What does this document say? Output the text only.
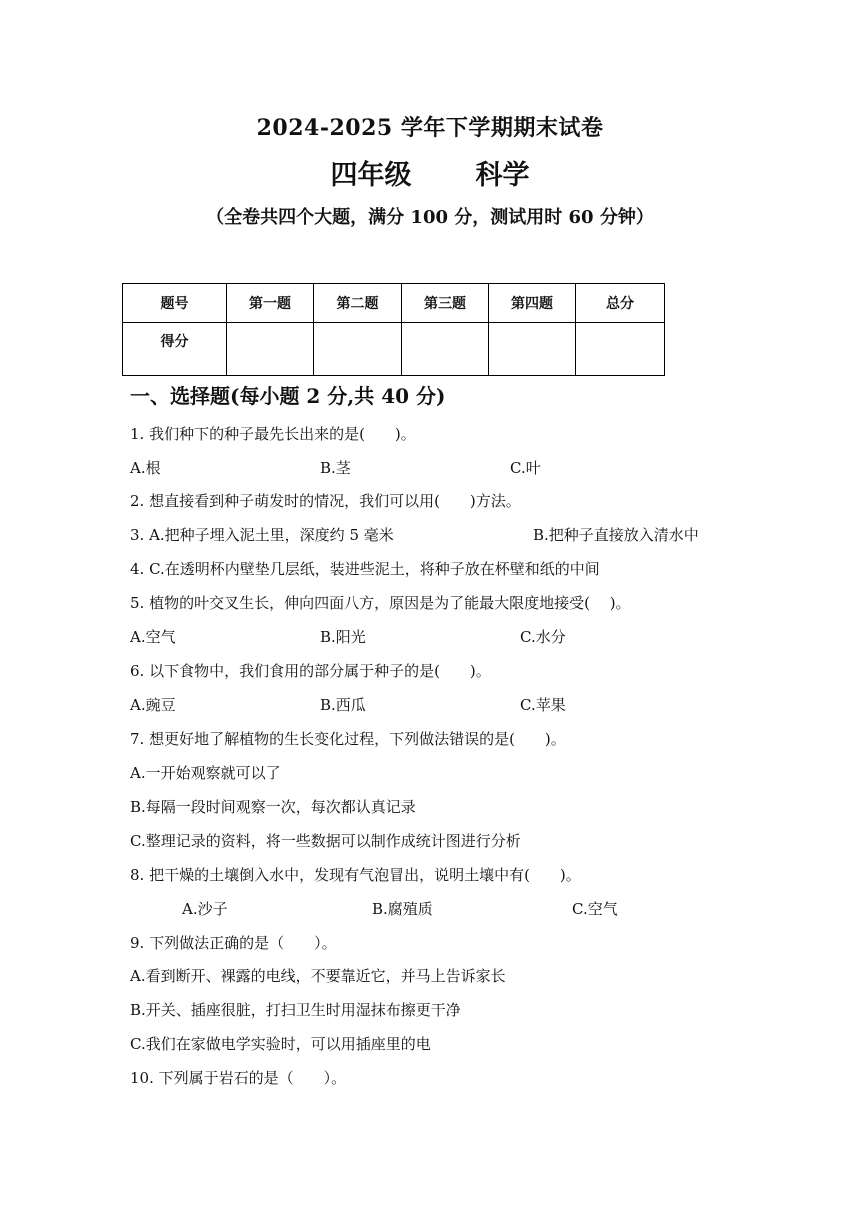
2024-2025 学年下学期期末试卷
四年级 科学
（全卷共四个大题，满分 100 分，测试用时 60 分钟）
题号	第一题	第二题	第三题	第四题	总分
得分					
一、选择题(每小题 2 分,共 40 分)
1. 我们种下的种子最先长出来的是(　　)。
A.根	B.茎	C.叶
2. 想直接看到种子萌发时的情况，我们可以用(　　)方法。
3. A.把种子埋入泥土里，深度约 5 毫米	B.把种子直接放入清水中
4. C.在透明杯内壁垫几层纸，装进些泥土，将种子放在杯壁和纸的中间
5. 植物的叶交叉生长，伸向四面八方，原因是为了能最大限度地接受(　 )。
A.空气	B.阳光	C.水分
6. 以下食物中，我们食用的部分属于种子的是(　　)。
A.豌豆	B.西瓜	C.苹果
7. 想更好地了解植物的生长变化过程，下列做法错误的是(　　)。
A.一开始观察就可以了
B.每隔一段时间观察一次，每次都认真记录
C.整理记录的资料，将一些数据可以制作成统计图进行分析
8. 把干燥的土壤倒入水中，发现有气泡冒出，说明土壤中有(　　)。
A.沙子	B.腐殖质	C.空气
9. 下列做法正确的是（　　）。
A.看到断开、裸露的电线，不要靠近它，并马上告诉家长
B.开关、插座很脏，打扫卫生时用湿抹布擦更干净
C.我们在家做电学实验时，可以用插座里的电
10. 下列属于岩石的是（　　）。
